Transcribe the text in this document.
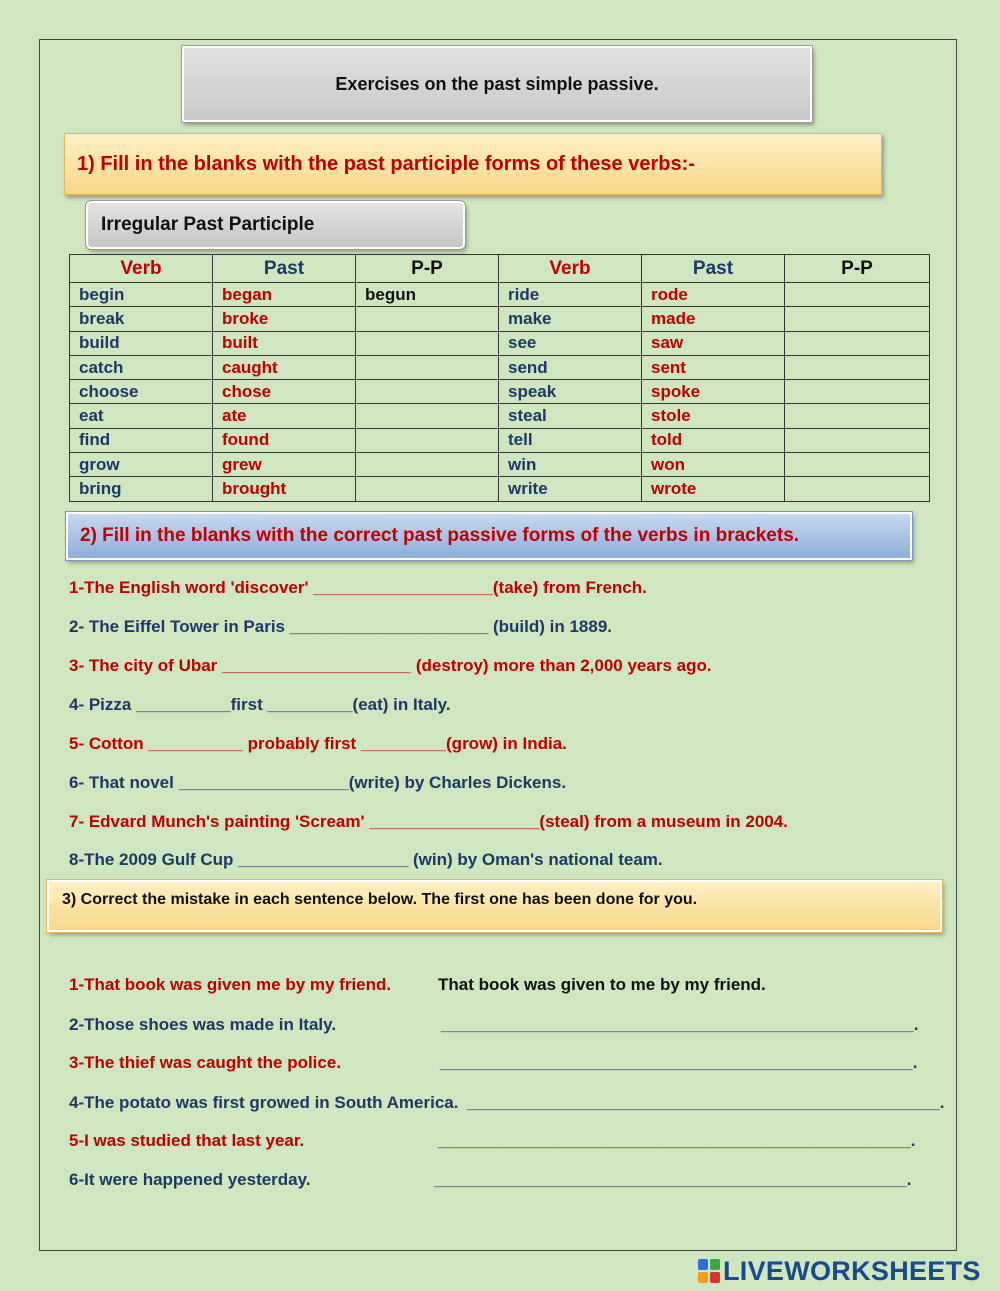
Exercises on the past simple passive.
1) Fill in the blanks with the past participle forms of these verbs:-
Irregular Past Participle
Verb	Past	P-P	Verb	Past	P-P
begin	began	begun	ride	rode	
break	broke		make	made	
build	built		see	saw	
catch	caught		send	sent	
choose	chose		speak	spoke	
eat	ate		steal	stole	
find	found		tell	told	
grow	grew		win	won	
bring	brought		write	wrote	
2) Fill in the blanks with the correct past passive forms of the verbs in brackets.
1-The English word 'discover' ___________________(take) from French.
2- The Eiffel Tower in Paris _____________________ (build) in 1889.
3- The city of Ubar ____________________ (destroy) more than 2,000 years ago.
4- Pizza __________first _________(eat) in Italy.
5- Cotton __________ probably first _________(grow) in India.
6- That novel __________________(write) by Charles Dickens.
7- Edvard Munch's painting 'Scream' __________________(steal) from a museum in 2004.
8-The 2009 Gulf Cup __________________ (win) by Oman's national team.
3) Correct the mistake in each sentence below. The first one has been done for you.
1-That book was given me by my friend.	That book was given to me by my friend.
2-Those shoes was made in Italy.	__________________________________________________.
3-The thief was caught the police.	__________________________________________________.
4-The potato was first growed in South America. __________________________________________________.
5-I was studied that last year.	__________________________________________________.
6-It were happened yesterday.	__________________________________________________.
LIVEWORKSHEETS
